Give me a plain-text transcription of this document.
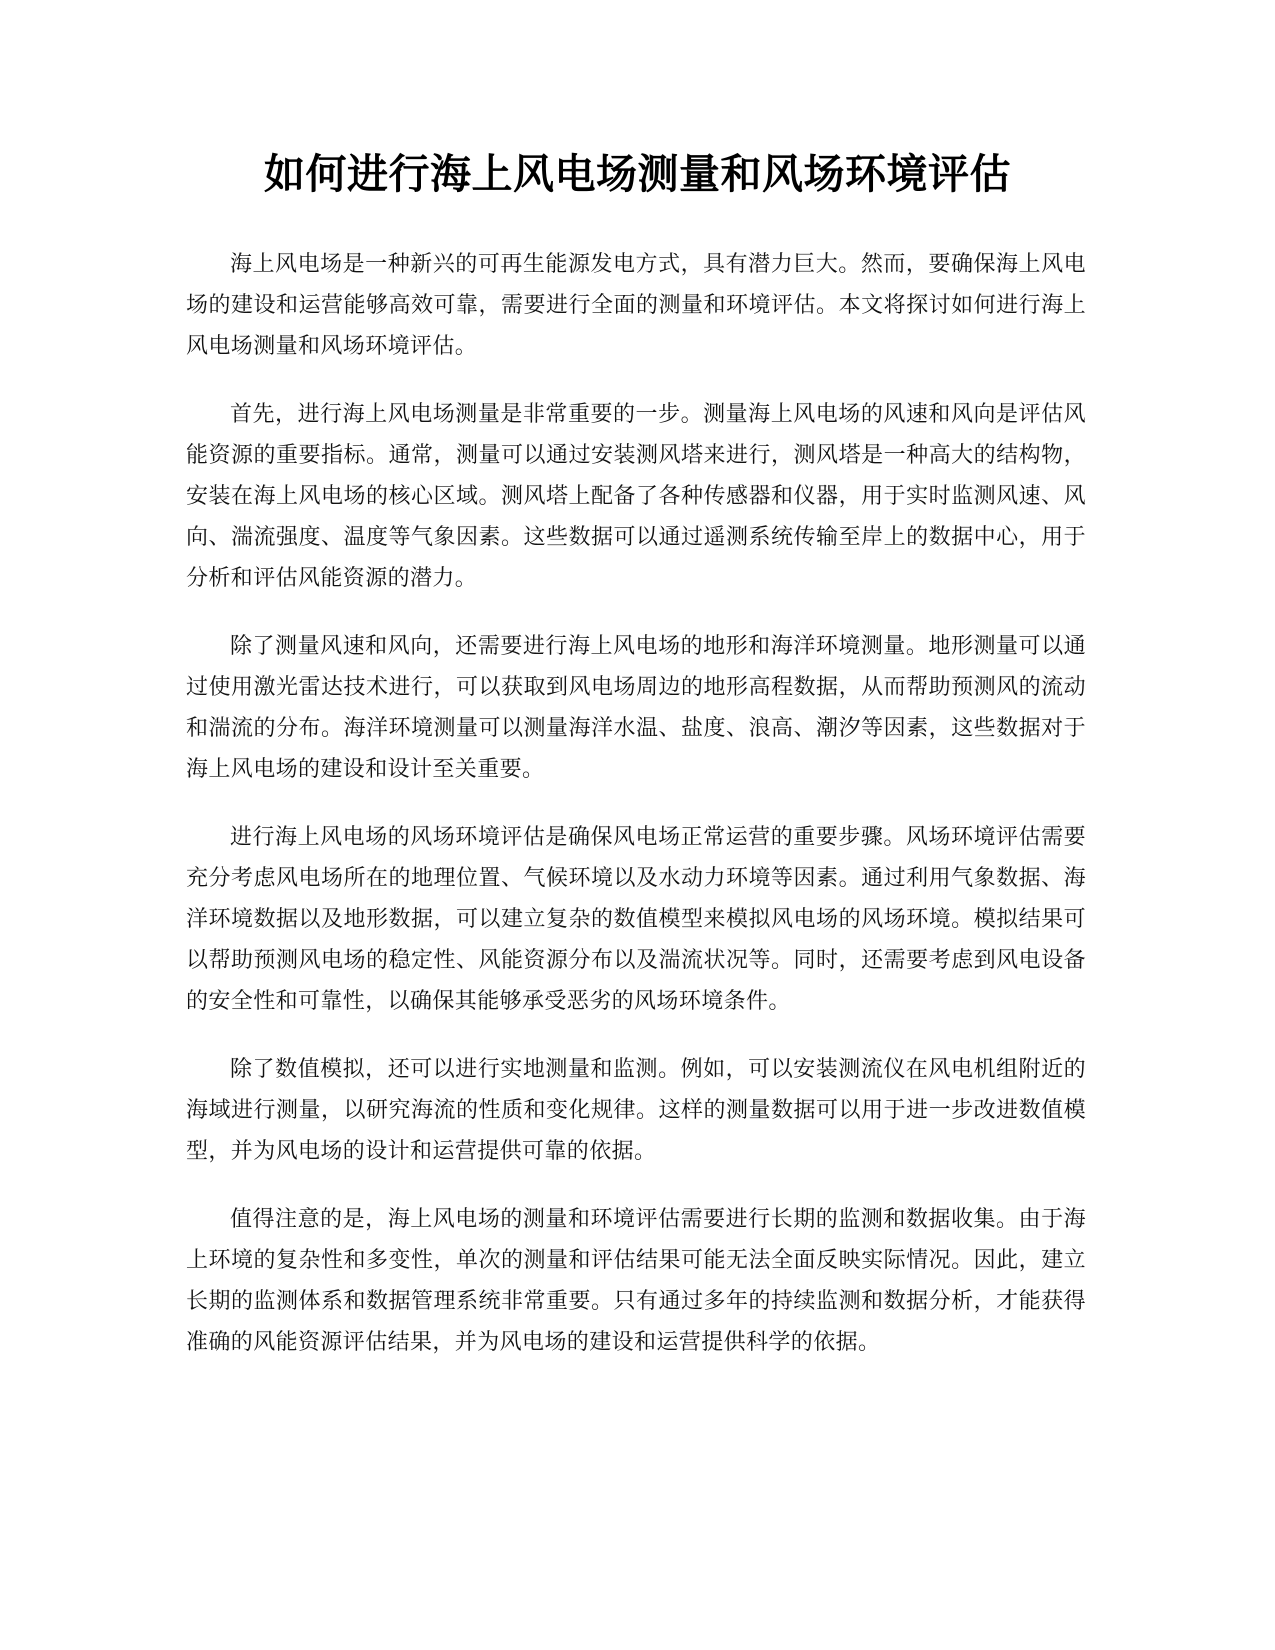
如何进行海上风电场测量和风场环境评估

海上风电场是一种新兴的可再生能源发电方式，具有潜力巨大。然而，要确保海上风电场的建设和运营能够高效可靠，需要进行全面的测量和环境评估。本文将探讨如何进行海上风电场测量和风场环境评估。

首先，进行海上风电场测量是非常重要的一步。测量海上风电场的风速和风向是评估风能资源的重要指标。通常，测量可以通过安装测风塔来进行，测风塔是一种高大的结构物，安装在海上风电场的核心区域。测风塔上配备了各种传感器和仪器，用于实时监测风速、风向、湍流强度、温度等气象因素。这些数据可以通过遥测系统传输至岸上的数据中心，用于分析和评估风能资源的潜力。

除了测量风速和风向，还需要进行海上风电场的地形和海洋环境测量。地形测量可以通过使用激光雷达技术进行，可以获取到风电场周边的地形高程数据，从而帮助预测风的流动和湍流的分布。海洋环境测量可以测量海洋水温、盐度、浪高、潮汐等因素，这些数据对于海上风电场的建设和设计至关重要。

进行海上风电场的风场环境评估是确保风电场正常运营的重要步骤。风场环境评估需要充分考虑风电场所在的地理位置、气候环境以及水动力环境等因素。通过利用气象数据、海洋环境数据以及地形数据，可以建立复杂的数值模型来模拟风电场的风场环境。模拟结果可以帮助预测风电场的稳定性、风能资源分布以及湍流状况等。同时，还需要考虑到风电设备的安全性和可靠性，以确保其能够承受恶劣的风场环境条件。

除了数值模拟，还可以进行实地测量和监测。例如，可以安装测流仪在风电机组附近的海域进行测量，以研究海流的性质和变化规律。这样的测量数据可以用于进一步改进数值模型，并为风电场的设计和运营提供可靠的依据。

值得注意的是，海上风电场的测量和环境评估需要进行长期的监测和数据收集。由于海上环境的复杂性和多变性，单次的测量和评估结果可能无法全面反映实际情况。因此，建立长期的监测体系和数据管理系统非常重要。只有通过多年的持续监测和数据分析，才能获得准确的风能资源评估结果，并为风电场的建设和运营提供科学的依据。
